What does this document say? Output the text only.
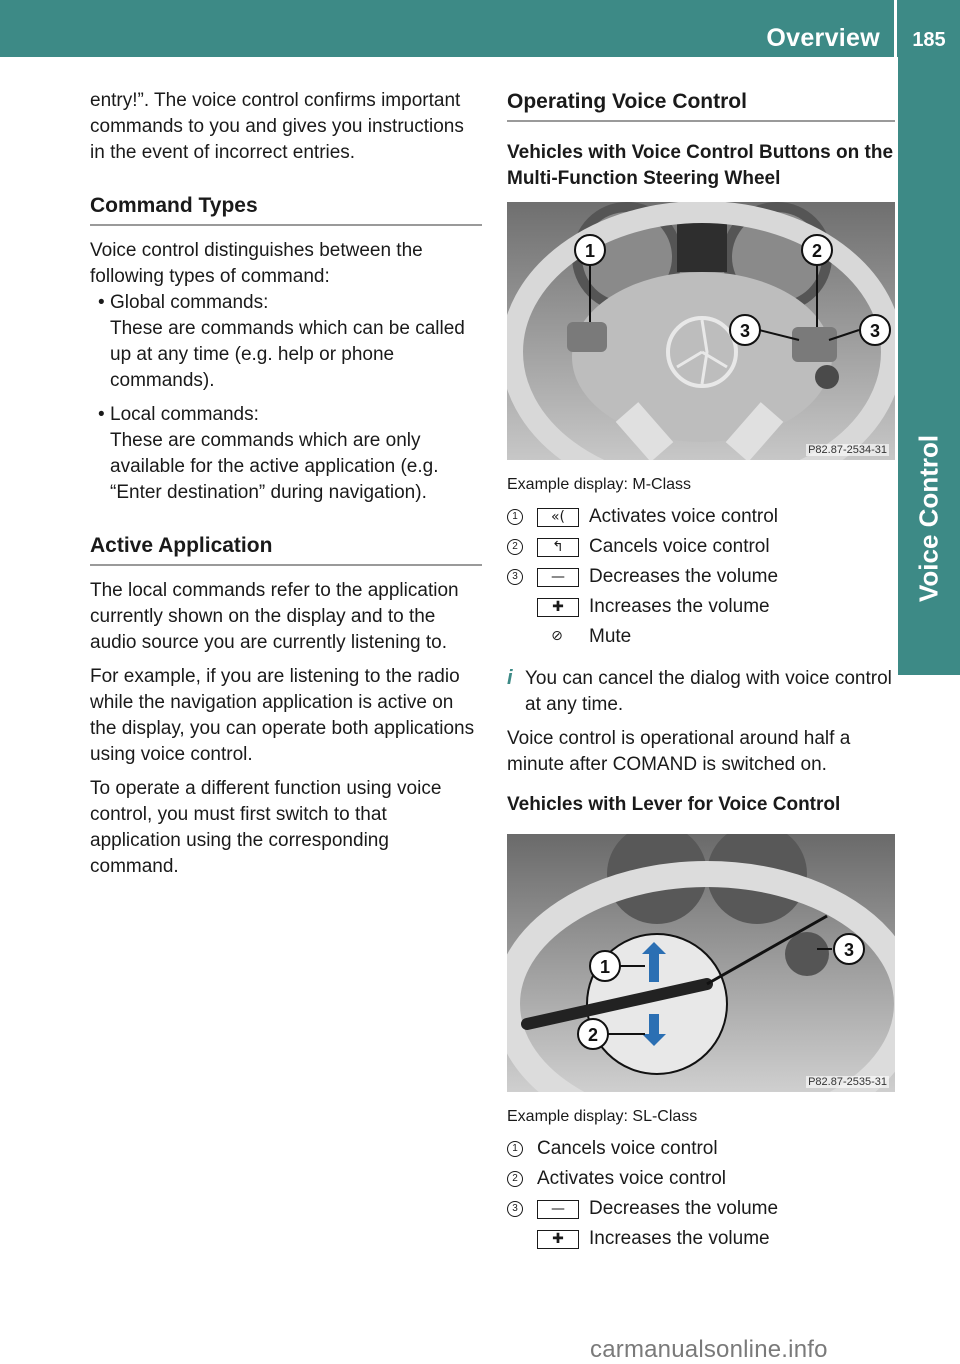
Overview	185
Voice Control

entry!”. The voice control confirms important commands to you and gives you instructions in the event of incorrect entries.

Command Types

Voice control distinguishes between the following types of command:

• Global commands:
These are commands which can be called up at any time (e.g. help or phone commands).
• Local commands:
These are commands which are only available for the active application (e.g. “Enter destination” during navigation).
Active Application

The local commands refer to the application currently shown on the display and to the audio source you are currently listening to.

For example, if you are listening to the radio while the navigation application is active on the display, you can operate both applications using voice control.

To operate a different function using voice control, you must first switch to that application using the corresponding command.

Operating Voice Control
Vehicles with Voice Control Buttons on the Multi-Function Steering Wheel
1	2
3	3
P82.87-2534-31
Example display: M-Class
1	«(	Activates voice control
2	↰	Cancels voice control
3	—	Decreases the volume
✚	Increases the volume
⊘	Mute
i You can cancel the dialog with voice control at any time.

Voice control is operational around half a minute after COMAND is switched on.

Vehicles with Lever for Voice Control
1
2
3
P82.87-2535-31
Example display: SL-Class
1 Cancels voice control
2 Activates voice control
3	—	Decreases the volume
✚	Increases the volume
carmanualsonline.info
